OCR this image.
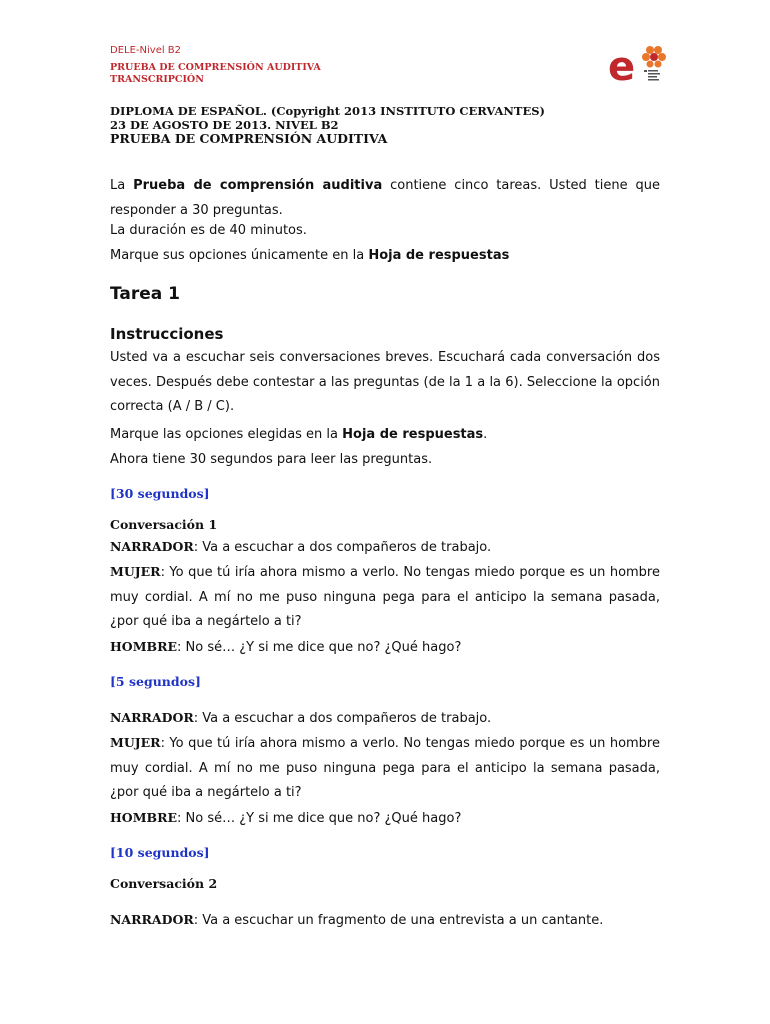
DELE-Nivel B2
PRUEBA DE COMPRENSIÓN AUDITIVA
TRANSCRIPCIÓN	e
DIPLOMA DE ESPAÑOL. (Copyright 2013 INSTITUTO CERVANTES)
23 DE AGOSTO DE 2013. NIVEL B2
PRUEBA DE COMPRENSIÓN AUDITIVA
La Prueba de comprensión auditiva contiene cinco tareas. Usted tiene que responder a 30 preguntas.
La duración es de 40 minutos.
Marque sus opciones únicamente en la Hoja de respuestas
Tarea 1
Instrucciones
Usted va a escuchar seis conversaciones breves. Escuchará cada conversación dos veces. Después debe contestar a las preguntas (de la 1 a la 6). Seleccione la opción correcta (A / B / C).
Marque las opciones elegidas en la Hoja de respuestas.
Ahora tiene 30 segundos para leer las preguntas.
[30 segundos]
Conversación 1
NARRADOR: Va a escuchar a dos compañeros de trabajo.
MUJER: Yo que tú iría ahora mismo a verlo. No tengas miedo porque es un hombre muy cordial. A mí no me puso ninguna pega para el anticipo la semana pasada, ¿por qué iba a negártelo a ti?
HOMBRE: No sé… ¿Y si me dice que no? ¿Qué hago?
[5 segundos]
NARRADOR: Va a escuchar a dos compañeros de trabajo.
MUJER: Yo que tú iría ahora mismo a verlo. No tengas miedo porque es un hombre muy cordial. A mí no me puso ninguna pega para el anticipo la semana pasada, ¿por qué iba a negártelo a ti?
HOMBRE: No sé… ¿Y si me dice que no? ¿Qué hago?
[10 segundos]
Conversación 2
NARRADOR: Va a escuchar un fragmento de una entrevista a un cantante.
